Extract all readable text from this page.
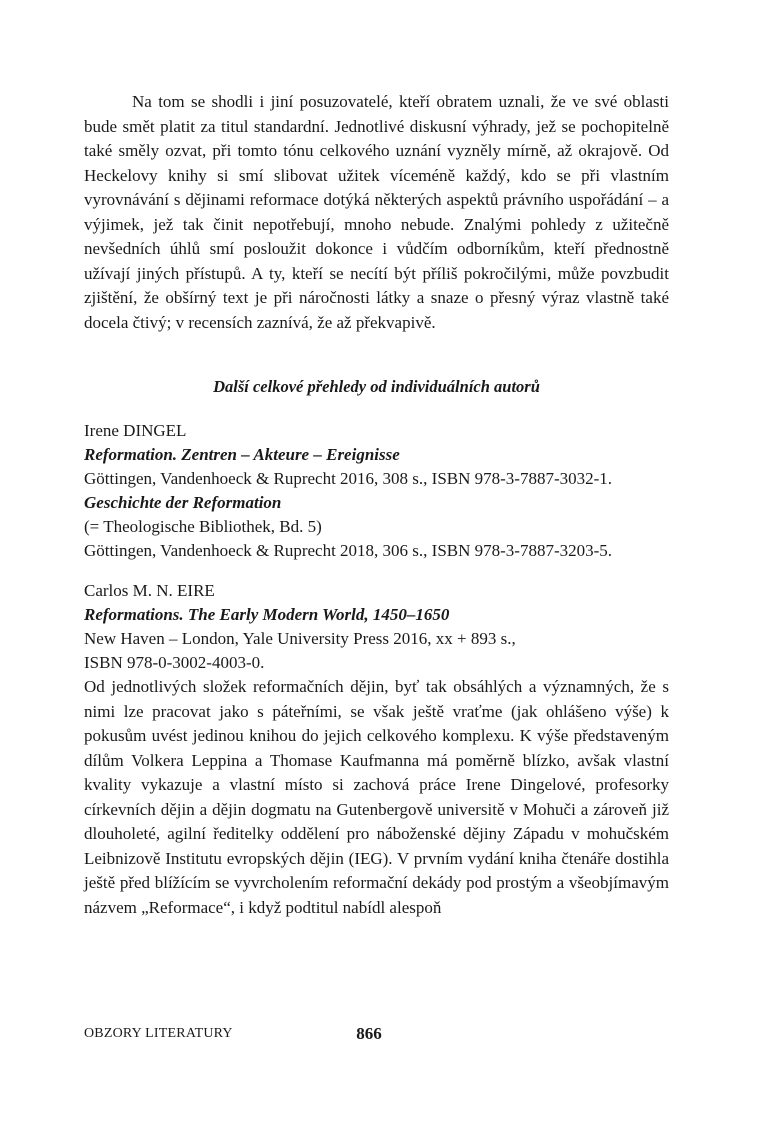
Na tom se shodli i jiní posuzovatelé, kteří obratem uznali, že ve své oblasti bude smět platit za titul standardní. Jednotlivé diskusní výhrady, jež se pochopitelně také směly ozvat, při tomto tónu celkového uznání vyzněly mírně, až okrajově. Od Heckelovy knihy si smí slibovat užitek víceméně každý, kdo se při vlastním vyrovnávání s dějinami reformace dotýká některých aspektů právního uspořádání – a výjimek, jež tak činit nepotřebují, mnoho nebude. Znalými pohledy z užitečně nevšedních úhlů smí posloužit dokonce i vůdčím odborníkům, kteří přednostně užívají jiných přístupů. A ty, kteří se necítí být příliš pokročilými, může povzbudit zjištění, že obšírný text je při náročnosti látky a snaze o přesný výraz vlastně také docela čtivý; v recensích zaznívá, že až překvapivě.

Další celkové přehledy od individuálních autorů
Irene DINGEL
Reformation. Zentren – Akteure – Ereignisse
Göttingen, Vandenhoeck & Ruprecht 2016, 308 s., ISBN 978-3-7887-3032-1.
Geschichte der Reformation
(= Theologische Bibliothek, Bd. 5)
Göttingen, Vandenhoeck & Ruprecht 2018, 306 s., ISBN 978-3-7887-3203-5.
Carlos M. N. EIRE
Reformations. The Early Modern World, 1450–1650
New Haven – London, Yale University Press 2016, xx + 893 s.,
ISBN 978-0-3002-4003-0.

Od jednotlivých složek reformačních dějin, byť tak obsáhlých a významných, že s nimi lze pracovat jako s páteřními, se však ještě vraťme (jak ohlášeno výše) k pokusům uvést jedinou knihou do jejich celkového komplexu. K výše představeným dílům Volkera Leppina a Thomase Kaufmanna má poměrně blízko, avšak vlastní kvality vykazuje a vlastní místo si zachová práce Irene Dingelové, profesorky církevních dějin a dějin dogmatu na Gutenbergově universitě v Mohuči a zároveň již dlouholeté, agilní ředitelky oddělení pro náboženské dějiny Západu v mohučském Leibnizově Institutu evropských dějin (IEG). V prvním vydání kniha čtenáře dostihla ještě před blížícím se vyvrcholením reformační dekády pod prostým a všeobjímavým názvem „Reformace“, i když podtitul nabídl alespoň

OBZORY LITERATURY	866
